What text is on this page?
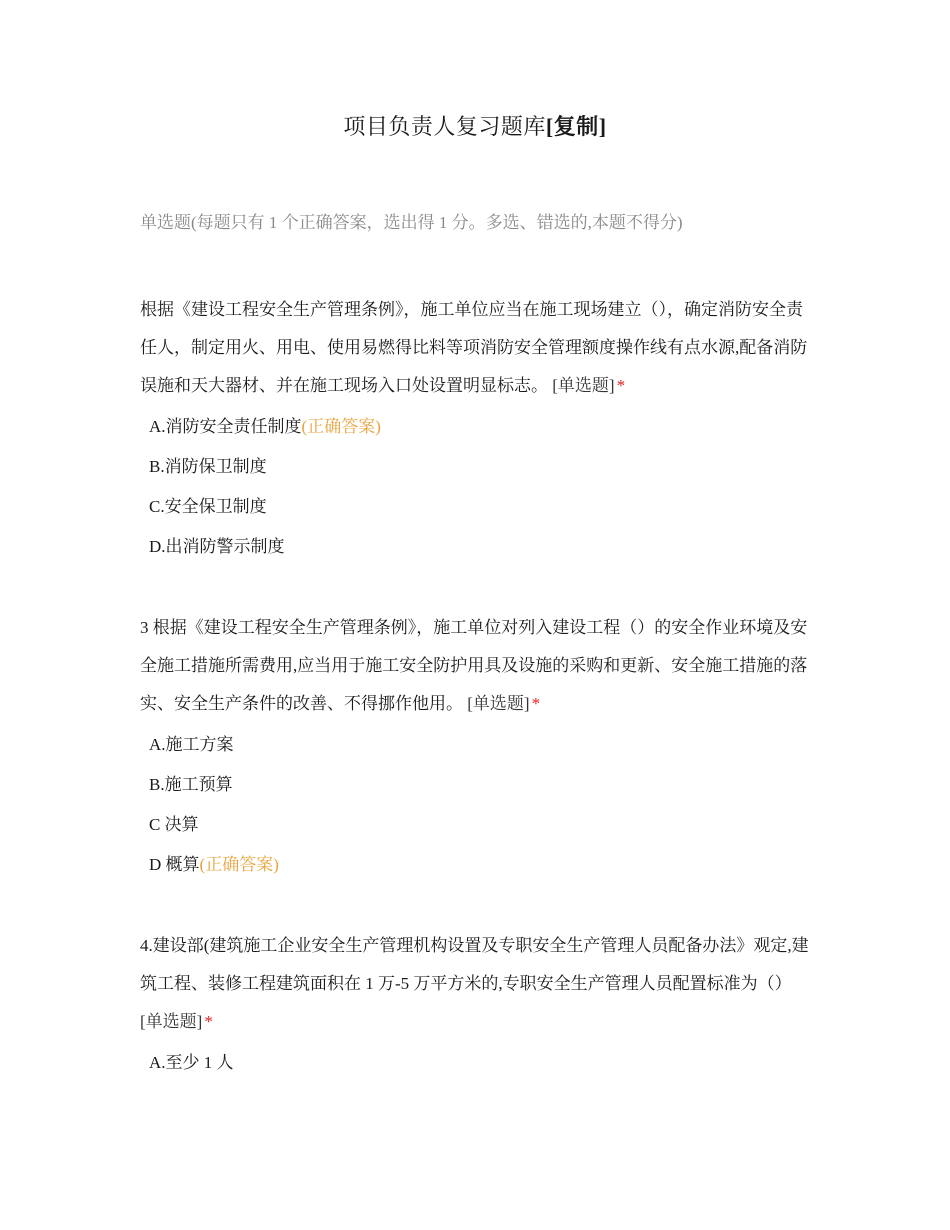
项目负责人复习题库[复制]
单选题(每题只有 1 个正确答案，选出得 1 分。多选、错选的,本题不得分)

根据《建设工程安全生产管理条例》，施工单位应当在施工现场建立（），确定消防安全责任人，制定用火、用电、使用易燃得比料等项消防安全管理额度操作线有点水源,配备消防误施和天大器材、并在施工现场入口处设置明显标志。 [单选题] *

A.消防安全责任制度(正确答案)
B.消防保卫制度
C.安全保卫制度
D.出消防警示制度

3 根据《建设工程安全生产管理条例》，施工单位对列入建设工程（）的安全作业环境及安全施工措施所需费用,应当用于施工安全防护用具及设施的采购和更新、安全施工措施的落实、安全生产条件的改善、不得挪作他用。 [单选题] *

A.施工方案
B.施工预算
C 决算
D 概算(正确答案)

4.建设部(建筑施工企业安全生产管理机构设置及专职安全生产管理人员配备办法》观定,建筑工程、装修工程建筑面积在 1 万-5 万平方米的,专职安全生产管理人员配置标准为（） [单选题] *

A.至少 1 人
